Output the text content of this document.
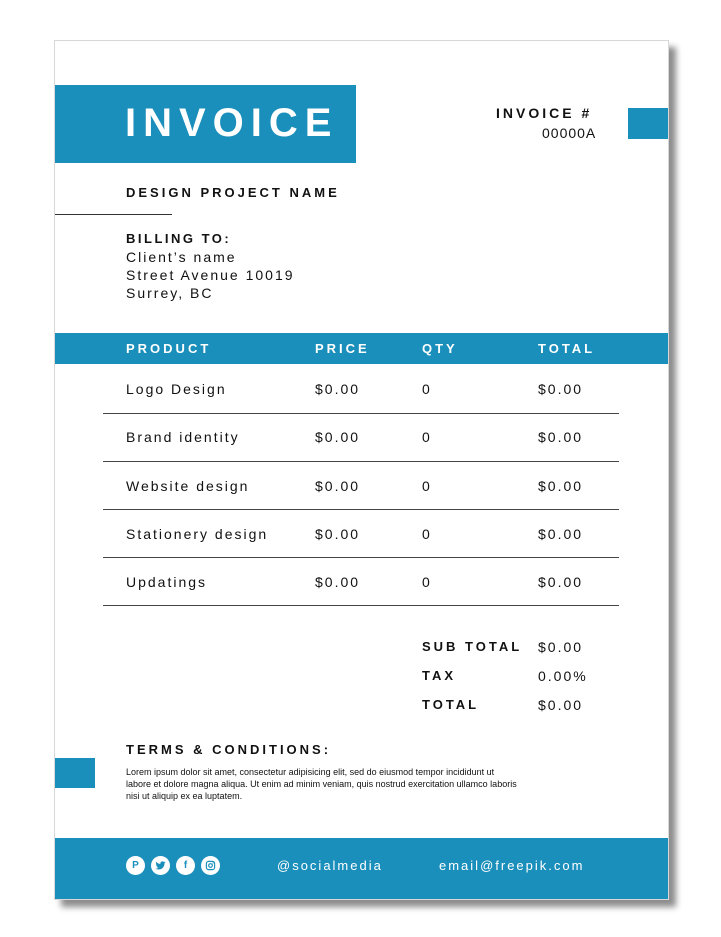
INVOICE	INVOICE #
00000A
DESIGN PROJECT NAME
BILLING TO:
Client’s name
Street Avenue 10019
Surrey, BC
PRODUCT	PRICE	QTY	TOTAL
Logo Design	$0.00	0	$0.00
Brand identity	$0.00	0	$0.00
Website design	$0.00	0	$0.00
Stationery design	$0.00	0	$0.00
Updatings	$0.00	0	$0.00
SUB TOTAL $0.00
TAX	0.00%
TOTAL	$0.00
TERMS & CONDITIONS:
Lorem ipsum dolor sit amet, consectetur adipisicing elit, sed do eiusmod tempor incididunt ut labore et dolore magna aliqua. Ut enim ad minim veniam, quis nostrud exercitation ullamco laboris nisi ut aliquip ex ea luptatem.
P	f	@socialmedia	email@freepik.com
